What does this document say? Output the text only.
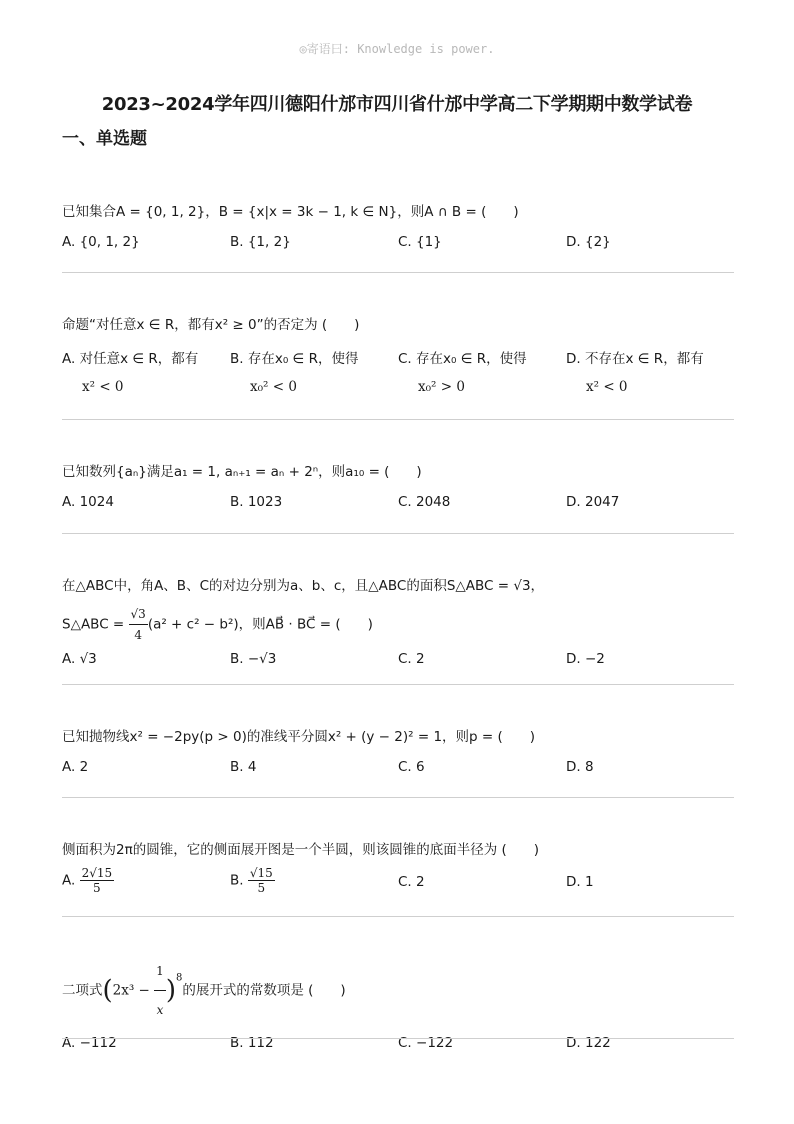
◎寄语曰: Knowledge is power.
2023~2024学年四川德阳什邡市四川省什邡中学高二下学期期中数学试卷
一、单选题
已知集合A = {0, 1, 2}，B = {x|x = 3k − 1, k ∈ N}，则A ∩ B = (　　)
A. {0, 1, 2}	B. {1, 2}	C. {1}	D. {2}
命题“对任意x ∈ R，都有x² ≥ 0”的否定为 (　　)
A. 对任意x ∈ R，都有
x² < 0
B. 存在x₀ ∈ R，使得
x₀² < 0
C. 存在x₀ ∈ R，使得
x₀² > 0
D. 不存在x ∈ R，都有
x² < 0
已知数列{aₙ}满足a₁ = 1, aₙ₊₁ = aₙ + 2ⁿ，则a₁₀ = (　　)
A. 1024	B. 1023	C. 2048	D. 2047
在△ABC中，角A、B、C的对边分别为a、b、c，且△ABC的面积S△ABC = √3，
S△ABC = $\frac{√3}{4} (a^2 + c^2 - b^2)$，则AB⃗ · BC⃗ = (　　)
A. √3	B. −√3	C. 2	D. −2
已知抛物线x² = −2py(p > 0)的准线平分圆x² + (y − 2)² = 1，则p = (　　)
A. 2	B. 4	C. 6	D. 8
侧面积为2π的圆锥，它的侧面展开图是一个半圆，则该圆锥的底面半径为 (　　)
A. $\frac{2√15}{5}$	B. $\frac{√15}{5}$	C. 2	D. 1
二项式$(2x^3 - \frac{1}{x} )^8$的展开式的常数项是 (　　)
A. −112	B. 112	C. −122	D. 122
